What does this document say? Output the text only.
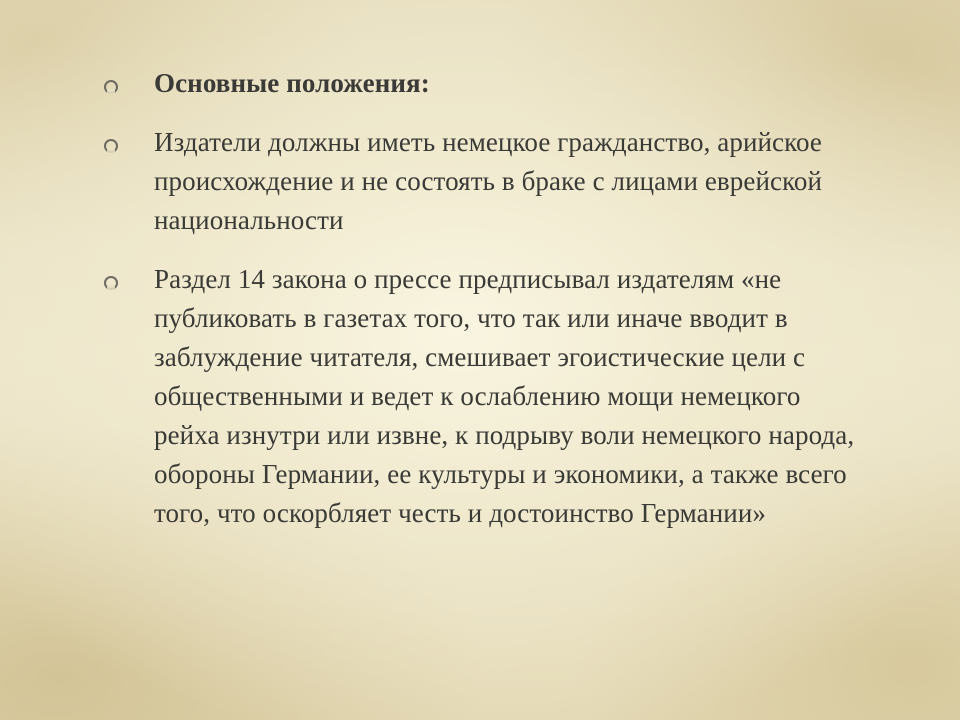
Основные положения:
Издатели должны иметь немецкое гражданство, арийское происхождение и не состоять в браке с лицами еврейской национальности
Раздел 14 закона о прессе предписывал издателям «не публиковать в газетах того, что так или иначе вводит в заблуждение читателя, смешивает эгоистические цели с общественными и ведет к ослаблению мощи немецкого рейха изнутри или извне, к подрыву воли немецкого народа, обороны Германии, ее культуры и экономики, а также всего того, что оскорбляет честь и достоинство Германии»
